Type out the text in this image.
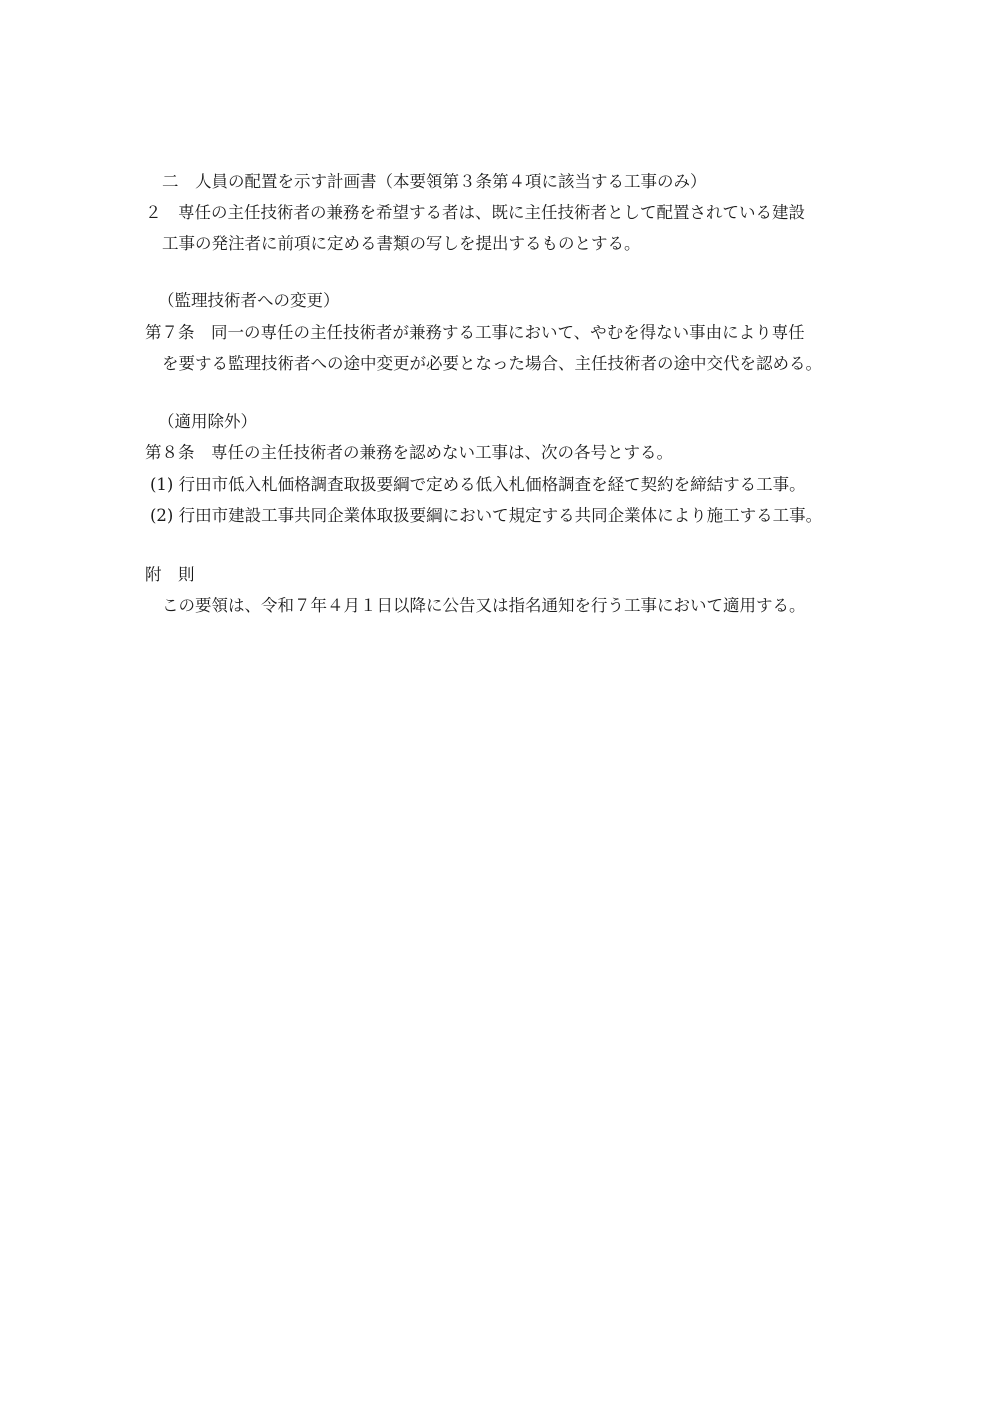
二　人員の配置を示す計画書（本要領第３条第４項に該当する工事のみ）
２　専任の主任技術者の兼務を希望する者は、既に主任技術者として配置されている建設
工事の発注者に前項に定める書類の写しを提出するものとする。
（監理技術者への変更）
第７条　同一の専任の主任技術者が兼務する工事において、やむを得ない事由により専任
を要する監理技術者への途中変更が必要となった場合、主任技術者の途中交代を認める。
（適用除外）
第８条　専任の主任技術者の兼務を認めない工事は、次の各号とする。
(1) 行田市低入札価格調査取扱要綱で定める低入札価格調査を経て契約を締結する工事。
(2) 行田市建設工事共同企業体取扱要綱において規定する共同企業体により施工する工事。
附　則
この要領は、令和７年４月１日以降に公告又は指名通知を行う工事において適用する。
